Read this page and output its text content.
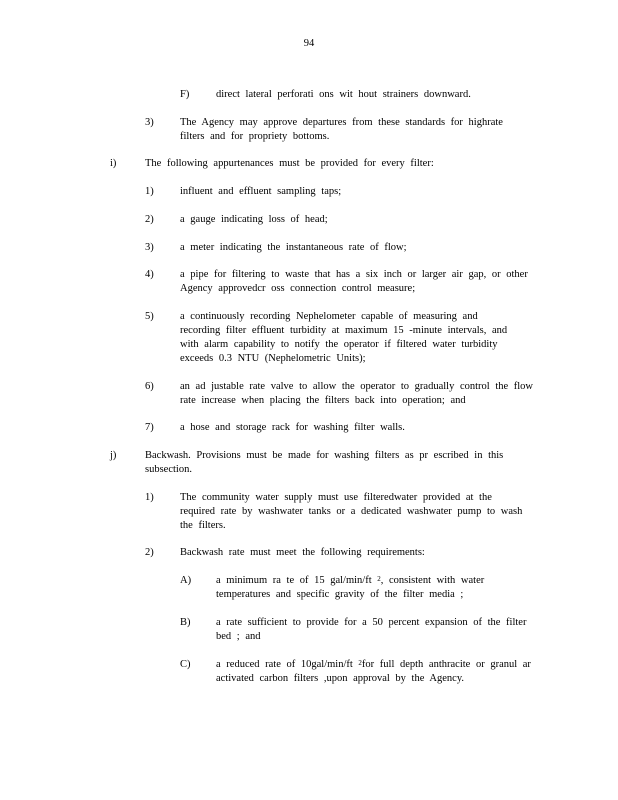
94
F)	direct lateral perforati ons wit hout strainers downward.
3)	The Agency may approve departures from these standards for highrate
filters and for propriety bottoms.
i)	The following appurtenances must be provided for every filter:
1)	influent and effluent sampling taps;
2)	a gauge indicating loss of head;
3)	a meter indicating the instantaneous rate of flow;
4)	a pipe for filtering to waste that has a six inch or larger air gap, or other
Agency approvedcr oss connection control measure;
5)	a continuously recording Nephelometer capable of measuring and
recording filter effluent turbidity at maximum 15 -minute intervals, and
with alarm capability to notify the operator if filtered water turbidity
exceeds 0.3 NTU (Nephelometric Units);
6)	an ad justable rate valve to allow the operator to gradually control the flow
rate increase when placing the filters back into operation; and
7)	a hose and storage rack for washing filter walls.
j)	Backwash. Provisions must be made for washing filters as pr escribed in this
subsection.
1)	The community water supply must use filteredwater provided at the
required rate by washwater tanks or a dedicated washwater pump to wash
the filters.
2)	Backwash rate must meet the following requirements:
A) a minimum ra te of 15 gal/min/ft $^2$, consistent with water
temperatures and specific gravity of the filter media ;
B) a rate sufficient to provide for a 50 percent expansion of the filter
bed ; and
C) a reduced rate of 10gal/min/ft $^2$for full depth anthracite or granul ar
activated carbon filters ,upon approval by the Agency.
